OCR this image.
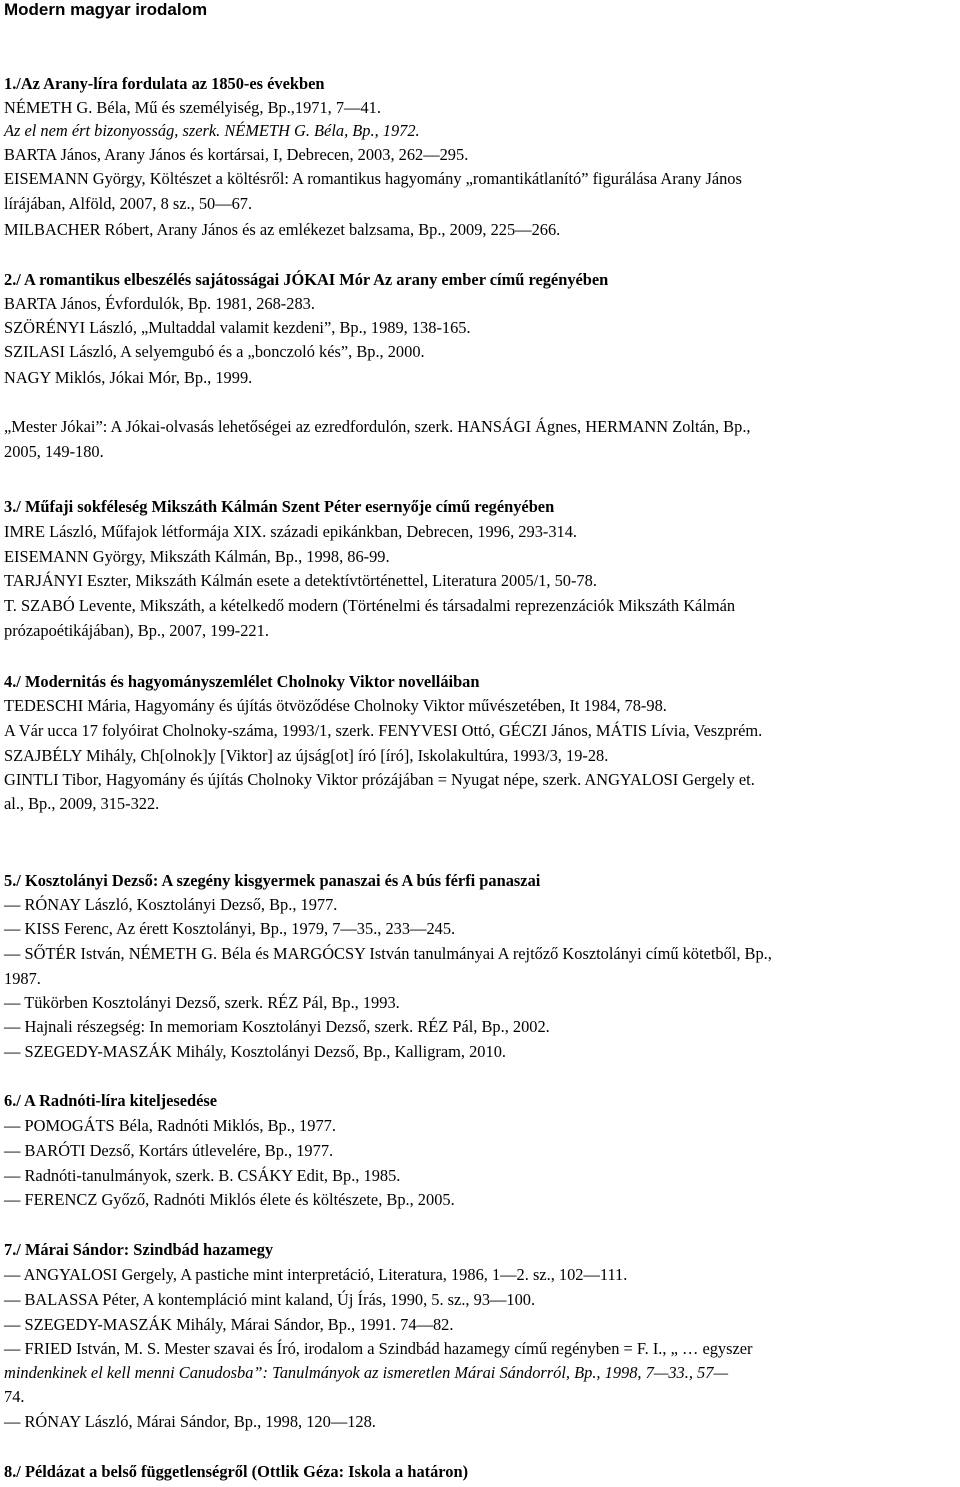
Modern magyar irodalom
1./Az Arany-líra fordulata az 1850-es években
NÉMETH G. Béla, Mű és személyiség, Bp.,1971, 7—41.
Az el nem ért bizonyosság, szerk. NÉMETH G. Béla, Bp., 1972.
BARTA János, Arany János és kortársai, I, Debrecen, 2003, 262—295.
EISEMANN György, Költészet a költésről: A romantikus hagyomány „romantikátlanító” figurálása Arany János
lírájában, Alföld, 2007, 8 sz., 50—67.
MILBACHER Róbert, Arany János és az emlékezet balzsama, Bp., 2009, 225—266.
2./ A romantikus elbeszélés sajátosságai JÓKAI Mór Az arany ember című regényében
BARTA János, Évfordulók, Bp. 1981, 268-283.
SZÖRÉNYI László, „Multaddal valamit kezdeni”, Bp., 1989, 138-165.
SZILASI László, A selyemgubó és a „bonczoló kés”, Bp., 2000.
NAGY Miklós, Jókai Mór, Bp., 1999.
„Mester Jókai”: A Jókai-olvasás lehetőségei az ezredfordulón, szerk. HANSÁGI Ágnes, HERMANN Zoltán, Bp.,
2005, 149-180.
3./ Műfaji sokféleség Mikszáth Kálmán Szent Péter esernyője című regényében
IMRE László, Műfajok létformája XIX. századi epikánkban, Debrecen, 1996, 293-314.
EISEMANN György, Mikszáth Kálmán, Bp., 1998, 86-99.
TARJÁNYI Eszter, Mikszáth Kálmán esete a detektívtörténettel, Literatura 2005/1, 50-78.
T. SZABÓ Levente, Mikszáth, a kételkedő modern (Történelmi és társadalmi reprezenzációk Mikszáth Kálmán
prózapoétikájában), Bp., 2007, 199-221.
4./ Modernitás és hagyományszemlélet Cholnoky Viktor novelláiban
TEDESCHI Mária, Hagyomány és újítás ötvöződése Cholnoky Viktor művészetében, It 1984, 78-98.
A Vár ucca 17 folyóirat Cholnoky-száma, 1993/1, szerk. FENYVESI Ottó, GÉCZI János, MÁTIS Lívia, Veszprém.
SZAJBÉLY Mihály, Ch[olnok]y [Viktor] az újság[ot] író [író], Iskolakultúra, 1993/3, 19-28.
GINTLI Tibor, Hagyomány és újítás Cholnoky Viktor prózájában = Nyugat népe, szerk. ANGYALOSI Gergely et.
al., Bp., 2009, 315-322.
5./ Kosztolányi Dezső: A szegény kisgyermek panaszai és A bús férfi panaszai
— RÓNAY László, Kosztolányi Dezső, Bp., 1977.
— KISS Ferenc, Az érett Kosztolányi, Bp., 1979, 7—35., 233—245.
— SŐTÉR István, NÉMETH G. Béla és MARGÓCSY István tanulmányai A rejtőző Kosztolányi című kötetből, Bp.,
1987.
— Tükörben Kosztolányi Dezső, szerk. RÉZ Pál, Bp., 1993.
— Hajnali részegség: In memoriam Kosztolányi Dezső, szerk. RÉZ Pál, Bp., 2002.
— SZEGEDY-MASZÁK Mihály, Kosztolányi Dezső, Bp., Kalligram, 2010.
6./ A Radnóti-líra kiteljesedése
— POMOGÁTS Béla, Radnóti Miklós, Bp., 1977.
— BARÓTI Dezső, Kortárs útlevelére, Bp., 1977.
— Radnóti-tanulmányok, szerk. B. CSÁKY Edit, Bp., 1985.
— FERENCZ Győző, Radnóti Miklós élete és költészete, Bp., 2005.
7./ Márai Sándor: Szindbád hazamegy
— ANGYALOSI Gergely, A pastiche mint interpretáció, Literatura, 1986, 1—2. sz., 102—111.
— BALASSA Péter, A kontempláció mint kaland, Új Írás, 1990, 5. sz., 93—100.
— SZEGEDY-MASZÁK Mihály, Márai Sándor, Bp., 1991. 74—82.
— FRIED István, M. S. Mester szavai és Író, irodalom a Szindbád hazamegy című regényben = F. I., „ … egyszer
mindenkinek el kell menni Canudosba”: Tanulmányok az ismeretlen Márai Sándorról, Bp., 1998, 7—33., 57—
74.
— RÓNAY László, Márai Sándor, Bp., 1998, 120—128.
8./ Példázat a belső függetlenségről (Ottlik Géza: Iskola a határon)
